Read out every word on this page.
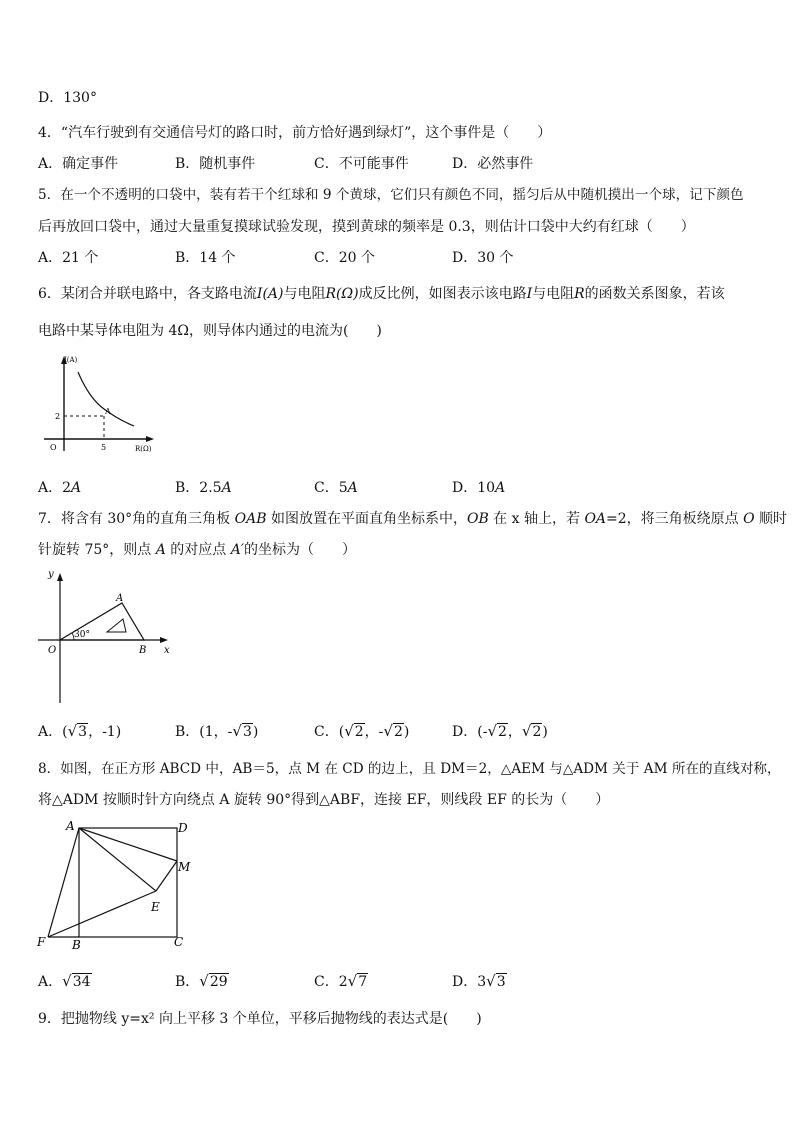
D．130°
4．“汽车行驶到有交通信号灯的路口时，前方恰好遇到绿灯”，这个事件是（　　）
A．确定事件	B．随机事件	C．不可能事件	D．必然事件
5．在一个不透明的口袋中，装有若干个红球和 9 个黄球，它们只有颜色不同，摇匀后从中随机摸出一个球，记下颜色
后再放回口袋中，通过大量重复摸球试验发现，摸到黄球的频率是 0.3，则估计口袋中大约有红球（　　）
A．21 个	B．14 个	C．20 个	D．30 个
6．某闭合并联电路中，各支路电流I(A)与电阻R(Ω)成反比例，如图表示该电路I与电阻R的函数关系图象，若该
电路中某导体电阻为 4Ω，则导体内通过的电流为(　　)
I(A)
R(Ω)
O
2
5
A
A．2A	B．2.5A	C．5A	D．10A
7．将含有 30°角的直角三角板 OAB 如图放置在平面直角坐标系中，OB 在 x 轴上，若 OA=2，将三角板绕原点 O 顺时
针旋转 75°，则点 A 的对应点 A′的坐标为（　　）
30°
y
x
O
A
B
A．(√3，-1)	B．(1，-√3)	C．(√2，-√2)	D．(-√2，√2)
8．如图，在正方形 ABCD 中，AB＝5，点 M 在 CD 的边上，且 DM＝2，△AEM 与△ADM 关于 AM 所在的直线对称，
将△ADM 按顺时针方向绕点 A 旋转 90°得到△ABF，连接 EF，则线段 EF 的长为（　　）
A	D
M
E
F B	C
A．√34	B．√29	C．2√7	D．3√3
9．把抛物线 y=x² 向上平移 3 个单位，平移后抛物线的表达式是(　　)
